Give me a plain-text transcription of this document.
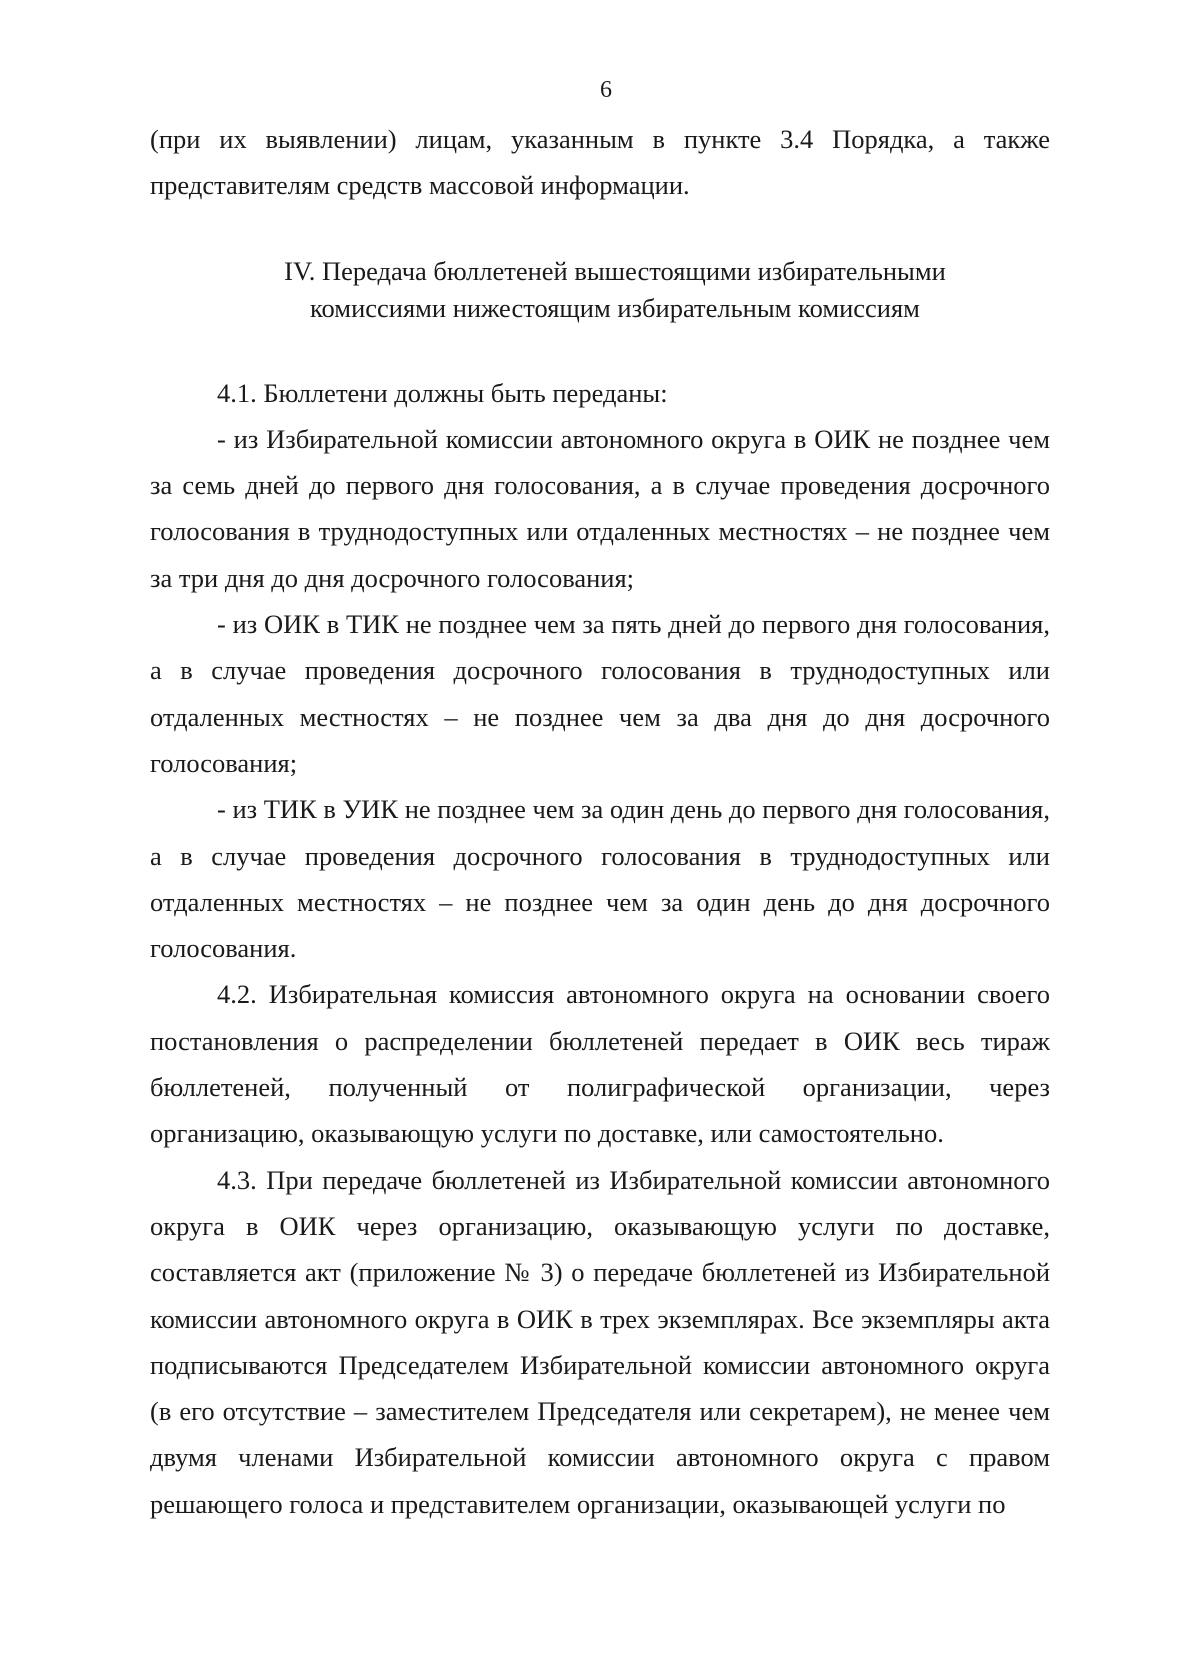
6

(при их выявлении) лицам, указанным в пункте 3.4 Порядка, а также представителям средств массовой информации.

IV. Передача бюллетеней вышестоящими избирательными
комиссиями нижестоящим избирательным комиссиям

4.1. Бюллетени должны быть переданы:

- из Избирательной комиссии автономного округа в ОИК не позднее чем за семь дней до первого дня голосования, а в случае проведения досрочного голосования в труднодоступных или отдаленных местностях – не позднее чем за три дня до дня досрочного голосования;

- из ОИК в ТИК не позднее чем за пять дней до первого дня голосования, а в случае проведения досрочного голосования в труднодоступных или отдаленных местностях – не позднее чем за два дня до дня досрочного голосования;

- из ТИК в УИК не позднее чем за один день до первого дня голосования, а в случае проведения досрочного голосования в труднодоступных или отдаленных местностях – не позднее чем за один день до дня досрочного голосования.

4.2. Избирательная комиссия автономного округа на основании своего постановления о распределении бюллетеней передает в ОИК весь тираж бюллетеней, полученный от полиграфической организации, через организацию, оказывающую услуги по доставке, или самостоятельно.

4.3. При передаче бюллетеней из Избирательной комиссии автономного округа в ОИК через организацию, оказывающую услуги по доставке, составляется акт (приложение № 3) о передаче бюллетеней из Избирательной комиссии автономного округа в ОИК в трех экземплярах. Все экземпляры акта подписываются Председателем Избирательной комиссии автономного округа (в его отсутствие – заместителем Председателя или секретарем), не менее чем двумя членами Избирательной комиссии автономного округа с правом решающего голоса и представителем организации, оказывающей услуги по
